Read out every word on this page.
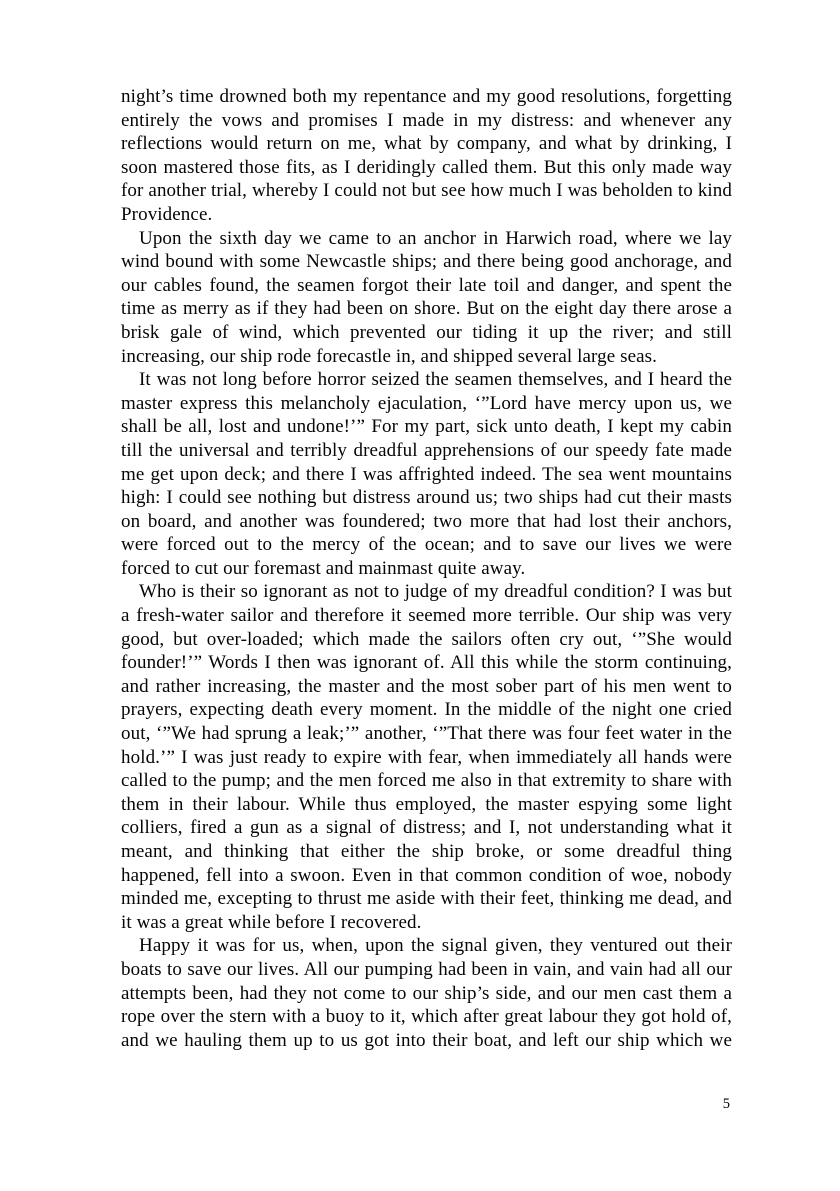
night’s time drowned both my repentance and my good resolutions, forgetting entirely the vows and promises I made in my distress: and whenever any reflections would return on me, what by company, and what by drinking, I soon mastered those fits, as I deridingly called them. But this only made way for another trial, whereby I could not but see how much I was beholden to kind Providence.

Upon the sixth day we came to an anchor in Harwich road, where we lay wind bound with some Newcastle ships; and there being good anchorage, and our cables found, the seamen forgot their late toil and danger, and spent the time as merry as if they had been on shore. But on the eight day there arose a brisk gale of wind, which prevented our tiding it up the river; and still increasing, our ship rode forecastle in, and shipped several large seas.

It was not long before horror seized the seamen themselves, and I heard the master express this melancholy ejaculation, ‘”Lord have mercy upon us, we shall be all, lost and undone!’” For my part, sick unto death, I kept my cabin till the universal and terribly dreadful apprehensions of our speedy fate made me get upon deck; and there I was affrighted indeed. The sea went mountains high: I could see nothing but distress around us; two ships had cut their masts on board, and another was foundered; two more that had lost their anchors, were forced out to the mercy of the ocean; and to save our lives we were forced to cut our foremast and mainmast quite away.

Who is their so ignorant as not to judge of my dreadful condition? I was but a fresh-water sailor and therefore it seemed more terrible. Our ship was very good, but over-loaded; which made the sailors often cry out, ‘”She would founder!’” Words I then was ignorant of. All this while the storm continuing, and rather increasing, the master and the most sober part of his men went to prayers, expecting death every moment. In the middle of the night one cried out, ‘”We had sprung a leak;’” another, ‘”That there was four feet water in the hold.’” I was just ready to expire with fear, when immediately all hands were called to the pump; and the men forced me also in that extremity to share with them in their labour. While thus employed, the master espying some light colliers, fired a gun as a signal of distress; and I, not understanding what it meant, and thinking that either the ship broke, or some dreadful thing happened, fell into a swoon. Even in that common condition of woe, nobody minded me, excepting to thrust me aside with their feet, thinking me dead, and it was a great while before I recovered.

Happy it was for us, when, upon the signal given, they ventured out their boats to save our lives. All our pumping had been in vain, and vain had all our attempts been, had they not come to our ship’s side, and our men cast them a rope over the stern with a buoy to it, which after great labour they got hold of, and we hauling them up to us got into their boat, and left our ship which we

5
